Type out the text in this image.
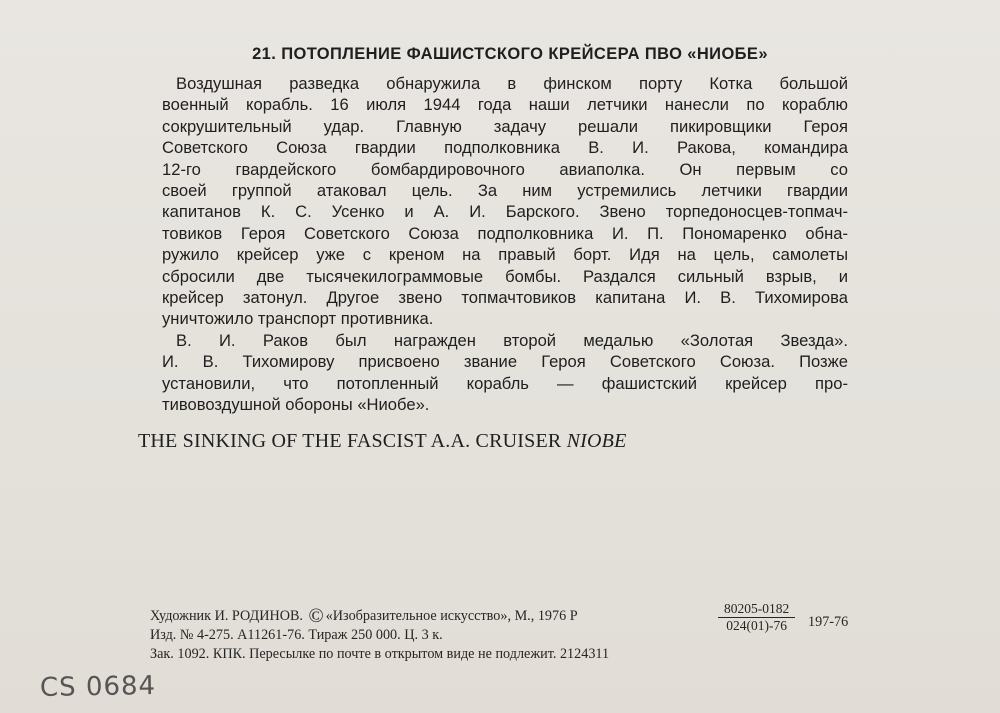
21. ПОТОПЛЕНИЕ ФАШИСТСКОГО КРЕЙСЕРА ПВО «НИОБЕ»
Воздушная разведка обнаружила в финском порту Котка большой
военный корабль. 16 июля 1944 года наши летчики нанесли по кораблю
сокрушительный удар. Главную задачу решали пикировщики Героя
Советского Союза гвардии подполковника В. И. Ракова, командира
12-го гвардейского бомбардировочного авиаполка. Он первым со
своей группой атаковал цель. За ним устремились летчики гвардии
капитанов К. С. Усенко и А. И. Барского. Звено торпедоносцев-топмач-
товиков Героя Советского Союза подполковника И. П. Пономаренко обна-
ружило крейсер уже с креном на правый борт. Идя на цель, самолеты
сбросили две тысячекилограммовые бомбы. Раздался сильный взрыв, и
крейсер затонул. Другое звено топмачтовиков капитана И. В. Тихомирова
уничтожило транспорт противника.
В. И. Раков был награжден второй медалью «Золотая Звезда».
И. В. Тихомирову присвоено звание Героя Советского Союза. Позже
установили, что потопленный корабль — фашистский крейсер про-
тивовоздушной обороны «Ниобе».
THE SINKING OF THE FASCIST A.A. CRUISER NIOBE
Художник И. РОДИНОВ. © «Изобразительное искусство», М., 1976 Р	$\frac{80205-0182}{024(01)-76} 197-76$
Изд. № 4-275. А11261-76. Тираж 250 000. Ц. 3 к.
Зак. 1092. КПК. Пересылке по почте в открытом виде не подлежит. 2124311
CS 0684
